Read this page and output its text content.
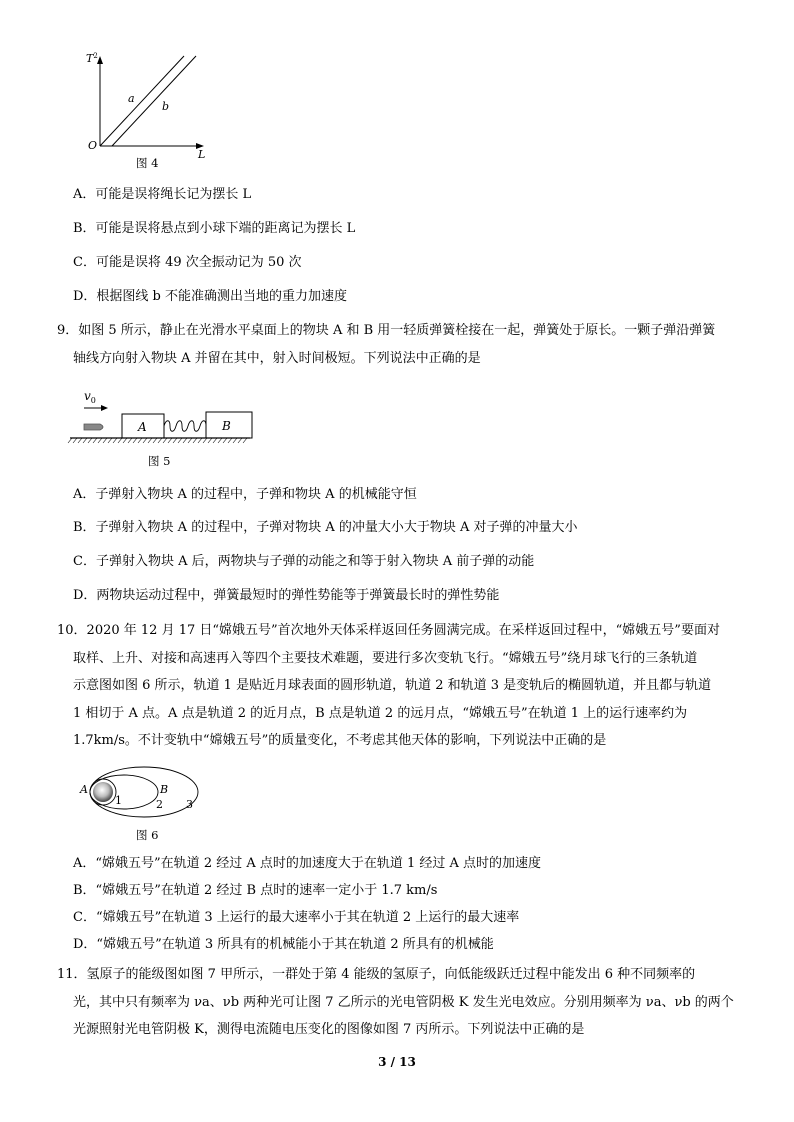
$T^2$
L
O
a
b
图 4
A．可能是误将绳长记为摆长 L
B．可能是误将悬点到小球下端的距离记为摆长 L
C．可能是误将 49 次全振动记为 50 次
D．根据图线 b 不能准确测出当地的重力加速度
9．如图 5 所示，静止在光滑水平桌面上的物块 A 和 B 用一轻质弹簧栓接在一起，弹簧处于原长。一颗子弹沿弹簧
轴线方向射入物块 A 并留在其中，射入时间极短。下列说法中正确的是
$v_0$
A	B
图 5
A．子弹射入物块 A 的过程中，子弹和物块 A 的机械能守恒
B．子弹射入物块 A 的过程中，子弹对物块 A 的冲量大小大于物块 A 对子弹的冲量大小
C．子弹射入物块 A 后，两物块与子弹的动能之和等于射入物块 A 前子弹的动能
D．两物块运动过程中，弹簧最短时的弹性势能等于弹簧最长时的弹性势能
10．2020 年 12 月 17 日“嫦娥五号”首次地外天体采样返回任务圆满完成。在采样返回过程中，“嫦娥五号”要面对
取样、上升、对接和高速再入等四个主要技术难题，要进行多次变轨飞行。“嫦娥五号”绕月球飞行的三条轨道
示意图如图 6 所示，轨道 1 是贴近月球表面的圆形轨道，轨道 2 和轨道 3 是变轨后的椭圆轨道，并且都与轨道
1 相切于 A 点。A 点是轨道 2 的近月点，B 点是轨道 2 的远月点，“嫦娥五号”在轨道 1 上的运行速率约为
1.7km/s。不计变轨中“嫦娥五号”的质量变化，不考虑其他天体的影响，下列说法中正确的是
A	B
1	2 3
图 6
A．“嫦娥五号”在轨道 2 经过 A 点时的加速度大于在轨道 1 经过 A 点时的加速度
B．“嫦娥五号”在轨道 2 经过 B 点时的速率一定小于 1.7 km/s
C．“嫦娥五号”在轨道 3 上运行的最大速率小于其在轨道 2 上运行的最大速率
D．“嫦娥五号”在轨道 3 所具有的机械能小于其在轨道 2 所具有的机械能
11．氢原子的能级图如图 7 甲所示，一群处于第 4 能级的氢原子，向低能级跃迁过程中能发出 6 种不同频率的
光，其中只有频率为 νa、νb 两种光可让图 7 乙所示的光电管阴极 K 发生光电效应。分别用频率为 νa、νb 的两个
光源照射光电管阴极 K，测得电流随电压变化的图像如图 7 丙所示。下列说法中正确的是
3 / 13
